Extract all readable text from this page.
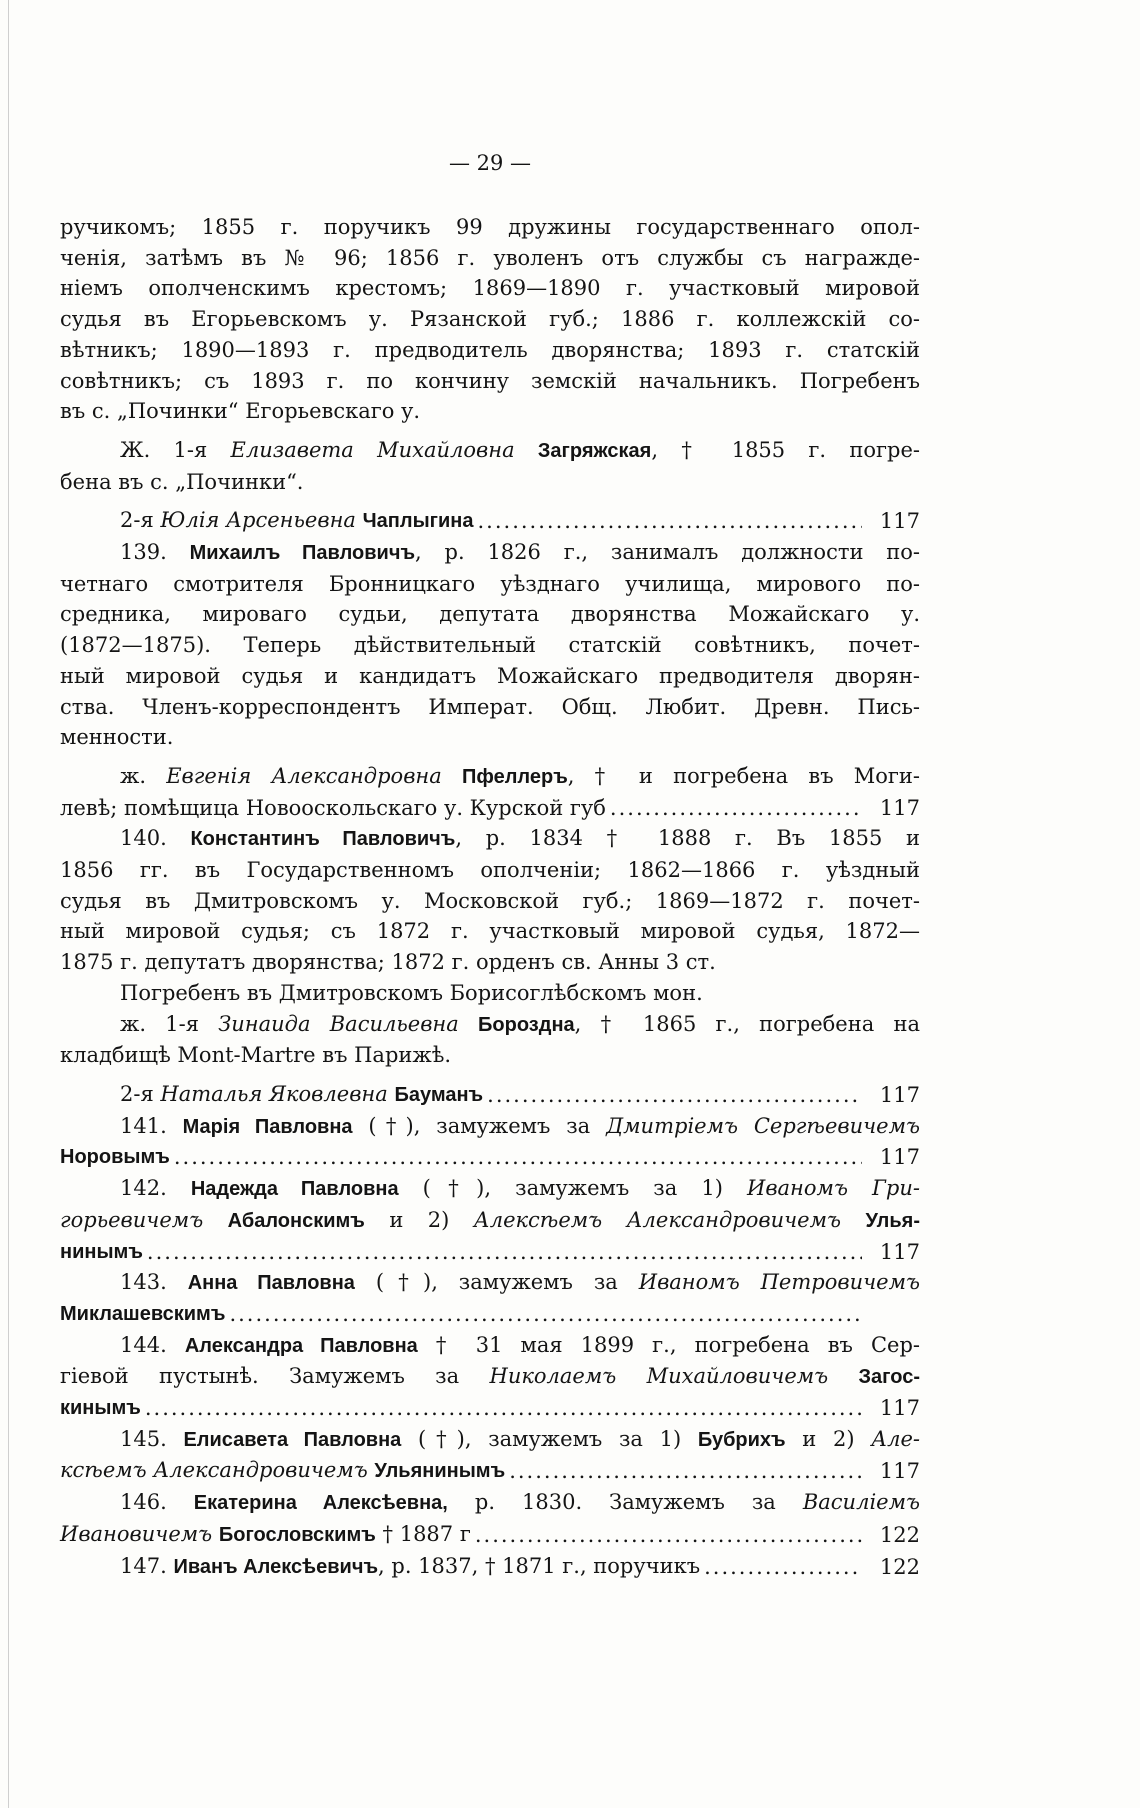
— 29 —
ручикомъ; 1855 г. поручикъ 99 дружины государственнаго опол-
ченія, затѣмъ въ № 96; 1856 г. уволенъ отъ службы съ награжде-
ніемъ ополченскимъ крестомъ; 1869—1890 г. участковый мировой
судья въ Егорьевскомъ у. Рязанской губ.; 1886 г. коллежскій со-
вѣтникъ; 1890—1893 г. предводитель дворянства; 1893 г. статскій
совѣтникъ; съ 1893 г. по кончину земскій начальникъ. Погребенъ
въ с. „Починки“ Егорьевскаго у.
Ж. 1-я Елизавета Михайловна Загряжская, † 1855 г. погре-
бена въ с. „Починки“.
2-я Юлія Арсеньевна Чаплыгина .....	117
139. Михаилъ Павловичъ, р. 1826 г., занималъ должности по-
четнаго смотрителя Бронницкаго уѣзднаго училища, мирового по-
средника, мироваго судьи, депутата дворянства Можайскаго у.
(1872—1875). Теперь дѣйствительный статскій совѣтникъ, почет-
ный мировой судья и кандидатъ Можайскаго предводителя дворян-
ства. Членъ-корреспондентъ Императ. Общ. Любит. Древн. Пись-
менности.
ж. Евгенія Александровна Пфеллеръ, † и погребена въ Моги-
левѣ; помѣщица Новооскольскаго у. Курской губ .....	117
140. Константинъ Павловичъ, р. 1834 † 1888 г. Въ 1855 и
1856 гг. въ Государственномъ ополченіи; 1862—1866 г. уѣздный
судья въ Дмитровскомъ у. Московской губ.; 1869—1872 г. почет-
ный мировой судья; съ 1872 г. участковый мировой судья, 1872—
1875 г. депутатъ дворянства; 1872 г. орденъ св. Анны 3 ст.
Погребенъ въ Дмитровскомъ Борисоглѣбскомъ мон.
ж. 1-я Зинаида Васильевна Бороздна, † 1865 г., погребена на
кладбищѣ Mont-Martre въ Парижѣ.
2-я Наталья Яковлевна Бауманъ .....	117
141. Марія Павловна (†), замужемъ за Дмитріемъ Сергѣевичемъ
Норовымъ .....	117
142. Надежда Павловна (†), замужемъ за 1) Иваномъ Гри-
горьевичемъ Абалонскимъ и 2) Алексѣемъ Александровичемъ Улья-
нинымъ .....	117
143. Анна Павловна (†), замужемъ за Иваномъ Петровичемъ
Миклашевскимъ
.....
144. Александра Павловна † 31 мая 1899 г., погребена въ Сер-
гіевой пустынѣ. Замужемъ за Николаемъ Михайловичемъ Загос-
кинымъ .....	117
145. Елисавета Павловна (†), замужемъ за 1) Бубрихъ и 2) Але-
ксѣемъ Александровичемъ Ульянинымъ .....	117
146. Екатерина Алексѣевна, р. 1830. Замужемъ за Василіемъ
Ивановичемъ Богословскимъ † 1887 г .....	122
147. Иванъ Алексѣевичъ, р. 1837, † 1871 г., поручикъ .....	122
